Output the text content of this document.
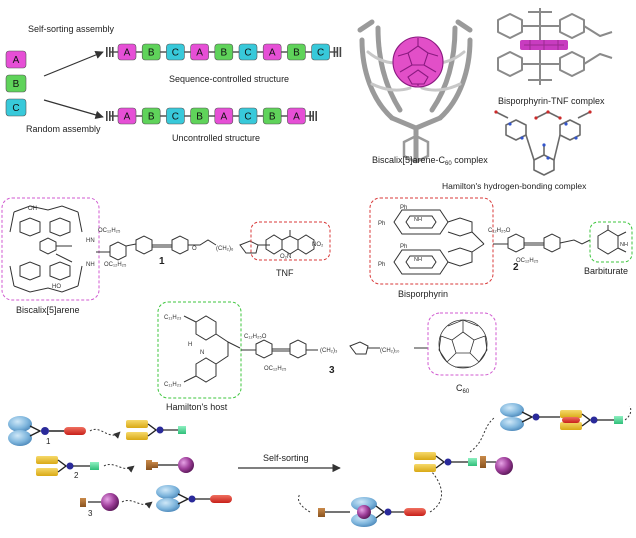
A
B
C
Self-sorting assembly
Random assembly
A B C A B C A B C
A B C B A C B A
Sequence-controlled structure
Uncontrolled structure
$Biscalix[5]arene-C_{60}$ complex
Bisporphyrin-TNF complex
Hamilton's hydrogen-bonding complex
OH
HO
HN
NH
Biscalix[5]arene
OC₁₂H₂₅
OC₁₂H₂₅
O	(CH₂)₆
1
NO₂
O₂N
TNF
Ph
Ph
Ph
Ph
NH
NH
Bisporphyrin
C₁₂H₂₅O
OC₁₂H₂₅
2
NH
Barbiturate
C₁₁H₂₃
C₁₁H₂₃
H
N
Hamilton's host
C₁₂H₂₅O
OC₁₂H₂₅
(CH₂)₃	(CH₂)₁₀
3
$C_{60}$
1
2
3
Self-sorting
